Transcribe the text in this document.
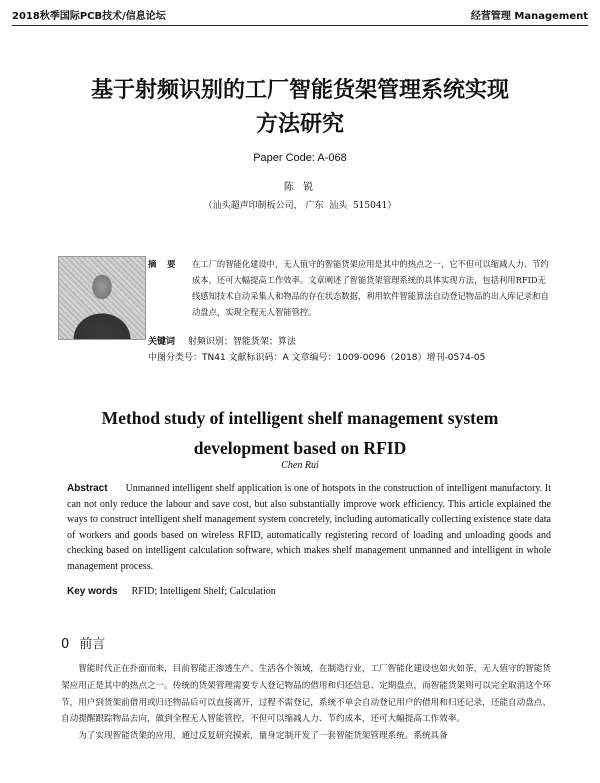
2018秋季国际PCB技术/信息论坛	经营管理 Management
基于射频识别的工厂智能货架管理系统实现
方法研究
Paper Code: A-068
陈 锐
（汕头超声印制板公司， 广东  汕头  515041）
摘 要	在工厂的智能化建设中，无人值守的智能货架应用是其中的热点之一，它不但可以缩减人力、节约成本，还可大幅提高工作效率。文章阐述了智能货架管理系统的具体实现方法，包括利用RFID无线感知技术自动采集人和物品的存在状态数据，利用软件智能算法自动登记物品的出入库记录和自动盘点，实现全程无人智能管控。
关键词 射频识别；智能货架；算法
中图分类号：TN41 文献标识码：A 文章编号：1009-0096（2018）增刊-0574-05
Method study of intelligent shelf management system
development based on RFID
Chen Rui
Abstract Unmanned intelligent shelf application is one of hotspots in the construction of intelligent manufactory. It can not only reduce the labour and save cost, but also substantially improve work efficiency. This article explained the ways to construct intelligent shelf management system concretely, including automatically collecting existence state data of workers and goods based on wireless RFID, automatically registering record of loading and unloading goods and checking based on intelligent calculation software, which makes shelf management unmanned and intelligent in whole management process.
Key words RFID; Intelligent Shelf; Calculation
0 前言

智能时代正在扑面而来，目前智能正渗透生产、生活各个领域，在制造行业，工厂智能化建设也如火如荼，无人值守的智能货架应用正是其中的热点之一。传统的货架管理需要专人登记物品的借用和归还信息、定期盘点，而智能货架则可以完全取消这个环节，用户到货架前借用或归还物品后可以直接离开，过程不需登记，系统不单会自动登记用户的借用和归还记录，还能自动盘点、自动提醒跟踪物品去向，做到全程无人智能管控，不但可以缩减人力、节约成本，还可大幅提高工作效率。

为了实现智能货架的应用，通过反复研究摸索，量身定制开发了一套智能货架管理系统。系统具备
